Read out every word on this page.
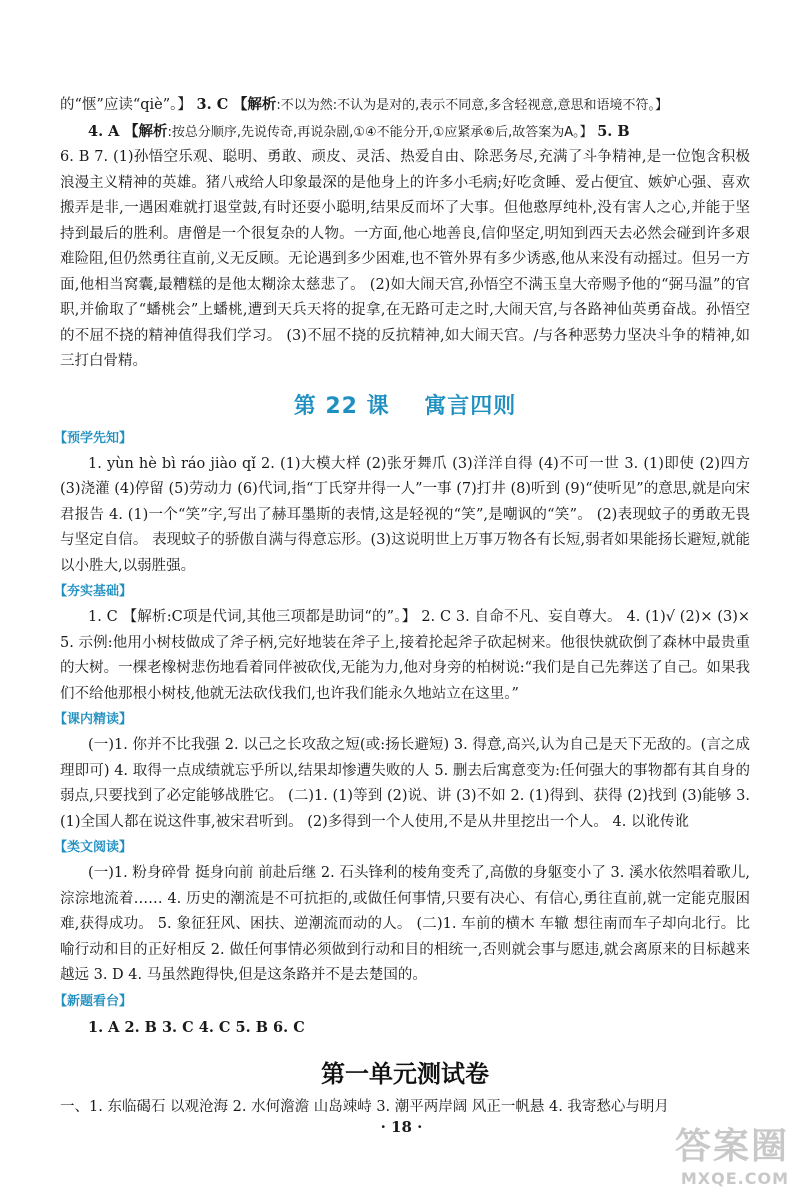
的“惬”应读“qiè”。】 3. C 【解析:不以为然:不认为是对的,表示不同意,多含轻视意,意思和语境不符。】

4. A 【解析:按总分顺序,先说传奇,再说杂剧,①④不能分开,①应紧承⑥后,故答案为A。】 5. B

6. B 7. (1)孙悟空乐观、聪明、勇敢、顽皮、灵活、热爱自由、除恶务尽,充满了斗争精神,是一位饱含积极浪漫主义精神的英雄。猪八戒给人印象最深的是他身上的许多小毛病;好吃贪睡、爱占便宜、嫉妒心强、喜欢搬弄是非,一遇困难就打退堂鼓,有时还耍小聪明,结果反而坏了大事。但他憨厚纯朴,没有害人之心,并能于坚持到最后的胜利。唐僧是一个很复杂的人物。一方面,他心地善良,信仰坚定,明知到西天去必然会碰到许多艰难险阻,但仍然勇往直前,义无反顾。无论遇到多少困难,也不管外界有多少诱惑,他从来没有动摇过。但另一方面,他相当窝囊,最糟糕的是他太糊涂太慈悲了。 (2)如大闹天宫,孙悟空不满玉皇大帝赐予他的“弼马温”的官职,并偷取了“蟠桃会”上蟠桃,遭到天兵天将的捉拿,在无路可走之时,大闹天宫,与各路神仙英勇奋战。孙悟空的不屈不挠的精神值得我们学习。 (3)不屈不挠的反抗精神,如大闹天宫。/与各种恶势力坚决斗争的精神,如三打白骨精。

第 22 课 寓言四则
【预学先知】

1. yùn hè bì ráo jiào qǐ 2. (1)大模大样 (2)张牙舞爪 (3)洋洋自得 (4)不可一世 3. (1)即使 (2)四方 (3)浇灌 (4)停留 (5)劳动力 (6)代词,指“丁氏穿井得一人”一事 (7)打井 (8)听到 (9)“使听见”的意思,就是向宋君报告 4. (1)一个“笑”字,写出了赫耳墨斯的表情,这是轻视的“笑”,是嘲讽的“笑”。 (2)表现蚊子的勇敢无畏与坚定自信。 表现蚊子的骄傲自满与得意忘形。(3)这说明世上万事万物各有长短,弱者如果能扬长避短,就能以小胜大,以弱胜强。

【夯实基础】

1. C 【解析:C项是代词,其他三项都是助词“的”。】 2. C 3. 自命不凡、妄自尊大。 4. (1)√ (2)× (3)× 5. 示例:他用小树枝做成了斧子柄,完好地装在斧子上,接着抡起斧子砍起树来。他很快就砍倒了森林中最贵重的大树。一棵老橡树悲伤地看着同伴被砍伐,无能为力,他对身旁的柏树说:“我们是自己先葬送了自己。如果我们不给他那根小树枝,他就无法砍伐我们,也许我们能永久地站立在这里。”

【课内精读】

(一)1. 你并不比我强 2. 以己之长攻敌之短(或:扬长避短) 3. 得意,高兴,认为自己是天下无敌的。(言之成理即可) 4. 取得一点成绩就忘乎所以,结果却惨遭失败的人 5. 删去后寓意变为:任何强大的事物都有其自身的弱点,只要找到了必定能够战胜它。 (二)1. (1)等到 (2)说、讲 (3)不如 2. (1)得到、获得 (2)找到 (3)能够 3. (1)全国人都在说这件事,被宋君听到。 (2)多得到一个人使用,不是从井里挖出一个人。 4. 以讹传讹

【类文阅读】

(一)1. 粉身碎骨 挺身向前 前赴后继 2. 石头锋利的棱角变秃了,高傲的身躯变小了 3. 溪水依然唱着歌儿,淙淙地流着…… 4. 历史的潮流是不可抗拒的,或做任何事情,只要有决心、有信心,勇往直前,就一定能克服困难,获得成功。 5. 象征狂风、困扶、逆潮流而动的人。 (二)1. 车前的横木 车辙 想往南而车子却向北行。比喻行动和目的正好相反 2. 做任何事情必须做到行动和目的相统一,否则就会事与愿违,就会离原来的目标越来越远 3. D 4. 马虽然跑得快,但是这条路并不是去楚国的。

【新题看台】

1. A 2. B 3. C 4. C 5. B 6. C

第一单元测试卷

一、1. 东临碣石 以观沧海 2. 水何澹澹 山岛竦峙 3. 潮平两岸阔 风正一帆悬 4. 我寄愁心与明月

· 18 ·	答案圈
MXQE.COM
